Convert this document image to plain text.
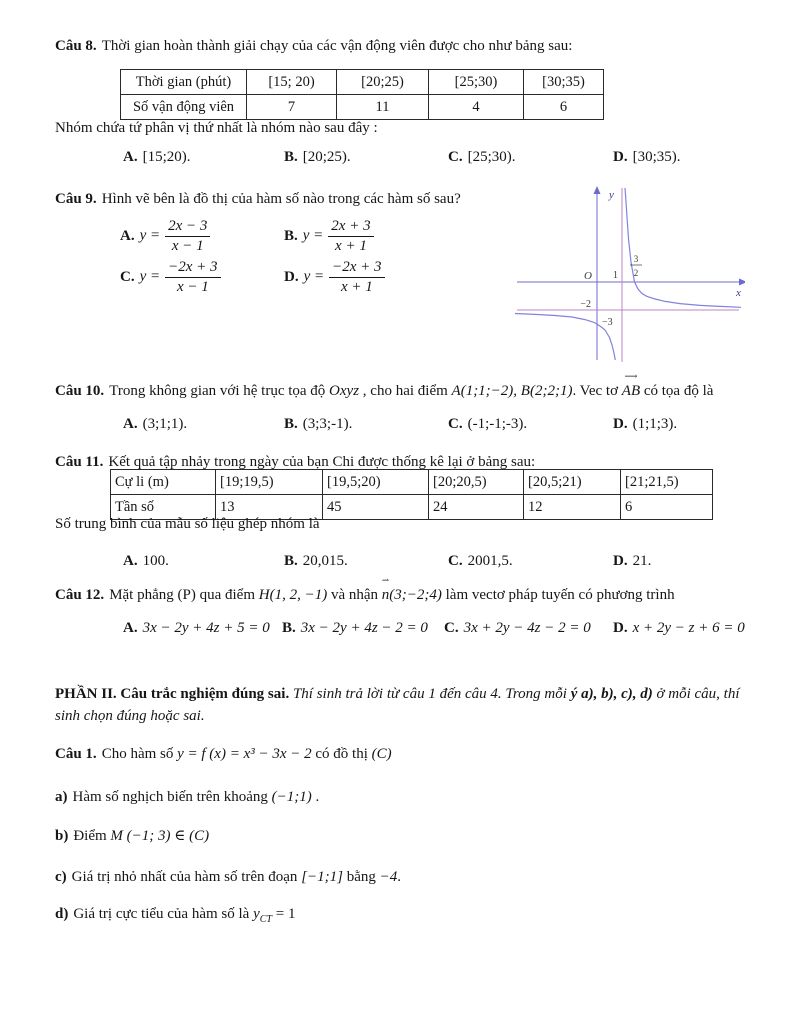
Câu 8. Thời gian hoàn thành giải chạy của các vận động viên được cho như bảng sau:
Thời gian (phút)	[15; 20)	[20;25)	[25;30)	[30;35)
Số vận động viên	7	11	4	6
Nhóm chứa tứ phân vị thứ nhất là nhóm nào sau đây :
A. [15;20).	B. [20;25).	C. [25;30).	D. [30;35).
Câu 9. Hình vẽ bên là đồ thị của hàm số nào trong các hàm số sau?
A. $y = \frac{2x - 3}{x - 1}$	B. $y = \frac{2x + 3}{x + 1}$
C. $y = \frac{-2x + 3}{x - 1}$	D. $y = \frac{-2x + 3}{x + 1}$
y
x
O 1
3
2
−2
−3
Câu 10. Trong không gian với hệ trục tọa độ Oxyz , cho hai điểm A(1;1;−2), B(2;2;1). Vec tơ
⟶
AB có tọa độ là
A. (3;1;1).	B. (3;3;-1).	C. (-1;-1;-3).	D. (1;1;3).
Câu 11. Kết quả tập nhảy trong ngày của bạn Chi được thống kê lại ở bảng sau:
Cự li (m)	[19;19,5)	[19,5;20)	[20;20,5)	[20,5;21)	[21;21,5)
Tần số	13	45	24	12	6
Số trung bình của mẫu số liệu ghép nhóm là
A. 100.	B. 20,015.	C. 2001,5.	D. 21.
Câu 12. Mặt phẳng (P) qua điểm H(1, 2, −1) và nhận
⇀
n(3;−2;4) làm vectơ pháp tuyến có phương trình
A. 3x − 2y + 4z + 5 = 0 B. 3x − 2y + 4z − 2 = 0 C. 3x + 2y − 4z − 2 = 0 D. x + 2y − z + 6 = 0
PHẦN II. Câu trắc nghiệm đúng sai. Thí sinh trả lời từ câu 1 đến câu 4. Trong mỗi ý a), b), c), d) ở mỗi câu, thí sinh chọn đúng hoặc sai.
Câu 1. Cho hàm số y = f (x) = x³ − 3x − 2 có đồ thị (C)
a) Hàm số nghịch biến trên khoảng (−1;1) .
b) Điểm M (−1; 3) ∈ (C)
c) Giá trị nhỏ nhất của hàm số trên đoạn [−1;1] bằng −4.
d) Giá trị cực tiểu của hàm số là $y_{CT} = 1$
